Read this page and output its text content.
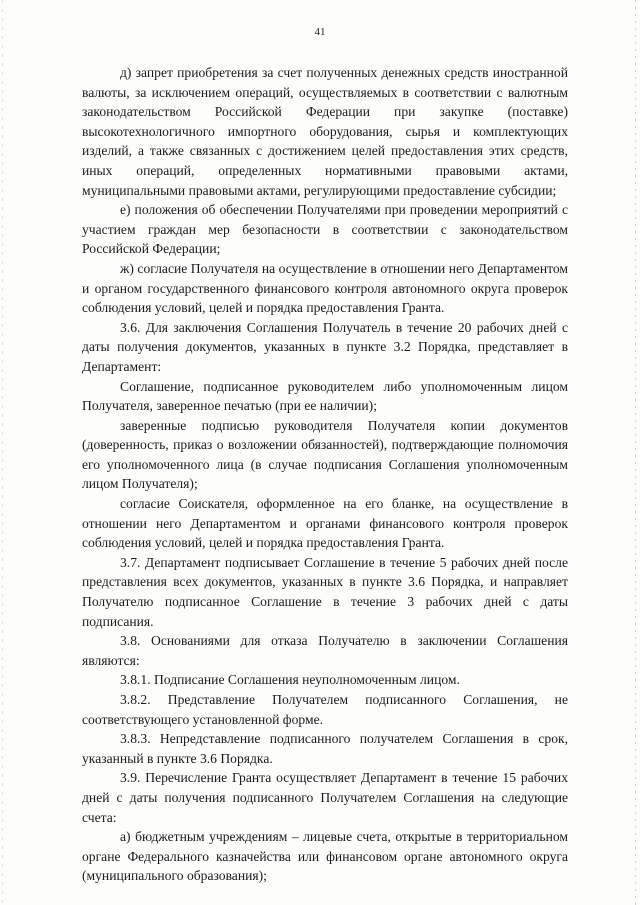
41

д) запрет приобретения за счет полученных денежных средств иностранной валюты, за исключением операций, осуществляемых в соответствии с валютным законодательством Российской Федерации при закупке (поставке) высокотехнологичного импортного оборудования, сырья и комплектующих изделий, а также связанных с достижением целей предоставления этих средств, иных операций, определенных нормативными правовыми актами, муниципальными правовыми актами, регулирующими предоставление субсидии;

е) положения об обеспечении Получателями при проведении мероприятий с участием граждан мер безопасности в соответствии с законодательством Российской Федерации;

ж) согласие Получателя на осуществление в отношении него Департаментом и органом государственного финансового контроля автономного округа проверок соблюдения условий, целей и порядка предоставления Гранта.

3.6. Для заключения Соглашения Получатель в течение 20 рабочих дней с даты получения документов, указанных в пункте 3.2 Порядка, представляет в Департамент:

Соглашение, подписанное руководителем либо уполномоченным лицом Получателя, заверенное печатью (при ее наличии);

заверенные подписью руководителя Получателя копии документов (доверенность, приказ о возложении обязанностей), подтверждающие полномочия его уполномоченного лица (в случае подписания Соглашения уполномоченным лицом Получателя);

согласие Соискателя, оформленное на его бланке, на осуществление в отношении него Департаментом и органами финансового контроля проверок соблюдения условий, целей и порядка предоставления Гранта.

3.7. Департамент подписывает Соглашение в течение 5 рабочих дней после представления всех документов, указанных в пункте 3.6 Порядка, и направляет Получателю подписанное Соглашение в течение 3 рабочих дней с даты подписания.

3.8. Основаниями для отказа Получателю в заключении Соглашения являются:

3.8.1. Подписание Соглашения неуполномоченным лицом.

3.8.2. Представление Получателем подписанного Соглашения, не соответствующего установленной форме.

3.8.3. Непредставление подписанного получателем Соглашения в срок, указанный в пункте 3.6 Порядка.

3.9. Перечисление Гранта осуществляет Департамент в течение 15 рабочих дней с даты получения подписанного Получателем Соглашения на следующие счета:

а) бюджетным учреждениям – лицевые счета, открытые в территориальном органе Федерального казначейства или финансовом органе автономного округа (муниципального образования);
